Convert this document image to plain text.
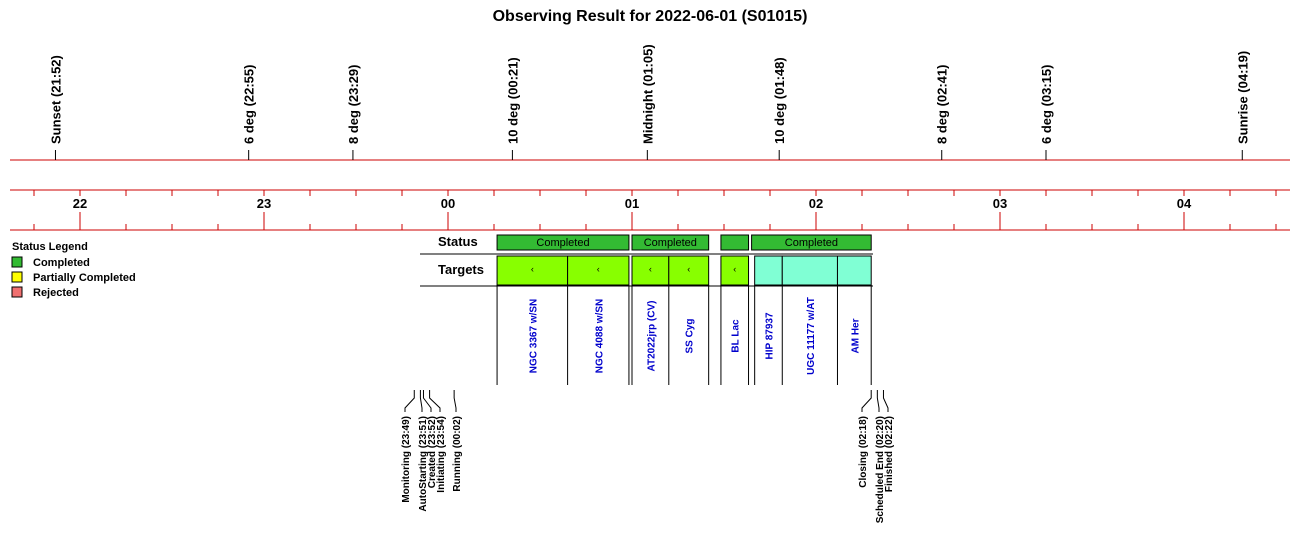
Observing Result for 2022-06-01 (S01015)
Sunset (21:52)	6 deg (22:55)	8 deg (23:29)	10 deg (00:21)	Midnight (01:05)	10 deg (01:48)	8 deg (02:41)	6 deg (03:15)	Sunrise (04:19)
22	23	00	01	02	03	04
Status Legend
Completed
Partially Completed
Rejected
Status
Targets
Completed	Completed	Completed
‹
NGC 3367 w/SN
‹
NGC 4088 w/SN
‹
AT2022jrp (CV)
‹
SS Cyg
‹
BL Lac HIP 87937	UGC 11177 w/AT	AM Her
Monitoring (23:49) AutoStarting (23:51)
Created (23:52)
Initiating (23:54) Running (00:02)	Closing (02:18) Scheduled End (02:20)
Finished (02:22)
